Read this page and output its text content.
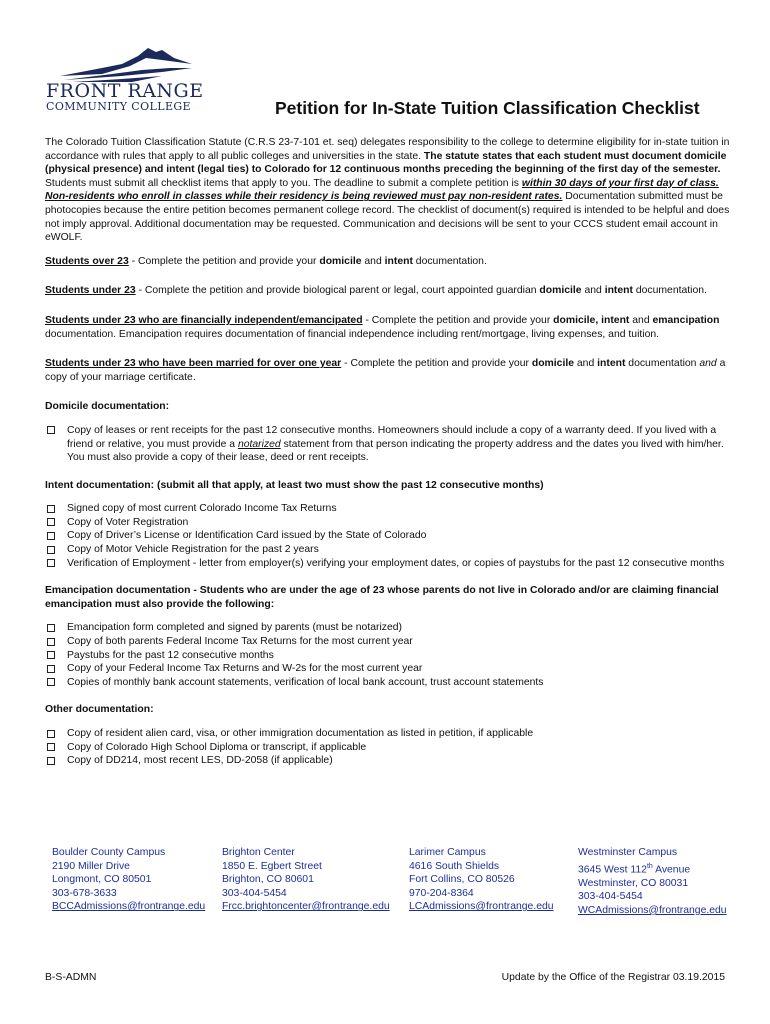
FRONT RANGE
COMMUNITY COLLEGE	Petition for In-State Tuition Classification Checklist

The Colorado Tuition Classification Statute (C.R.S 23-7-101 et. seq) delegates responsibility to the college to determine eligibility for in-state tuition in accordance with rules that apply to all public colleges and universities in the state. The statute states that each student must document domicile (physical presence) and intent (legal ties) to Colorado for 12 continuous months preceding the beginning of the first day of the semester. Students must submit all checklist items that apply to you. The deadline to submit a complete petition is within 30 days of your first day of class. Non-residents who enroll in classes while their residency is being reviewed must pay non-resident rates. Documentation submitted must be photocopies because the entire petition becomes permanent college record. The checklist of document(s) required is intended to be helpful and does not imply approval. Additional documentation may be requested. Communication and decisions will be sent to your CCCS student email account in eWOLF.

Students over 23 - Complete the petition and provide your domicile and intent documentation.

Students under 23 - Complete the petition and provide biological parent or legal, court appointed guardian domicile and intent documentation.

Students under 23 who are financially independent/emancipated - Complete the petition and provide your domicile, intent and emancipation documentation. Emancipation requires documentation of financial independence including rent/mortgage, living expenses, and tuition.

Students under 23 who have been married for over one year - Complete the petition and provide your domicile and intent documentation and a copy of your marriage certificate.

Domicile documentation:
Copy of leases or rent receipts for the past 12 consecutive months. Homeowners should include a copy of a warranty deed. If you lived with a friend or relative, you must provide a notarized statement from that person indicating the property address and the dates you lived with him/her. You must also provide a copy of their lease, deed or rent receipts.
Intent documentation: (submit all that apply, at least two must show the past 12 consecutive months)
Signed copy of most current Colorado Income Tax Returns
Copy of Voter Registration
Copy of Driver’s License or Identification Card issued by the State of Colorado
Copy of Motor Vehicle Registration for the past 2 years
Verification of Employment - letter from employer(s) verifying your employment dates, or copies of paystubs for the past 12 consecutive months
Emancipation documentation - Students who are under the age of 23 whose parents do not live in Colorado and/or are claiming financial emancipation must also provide the following:
Emancipation form completed and signed by parents (must be notarized)
Copy of both parents Federal Income Tax Returns for the most current year
Paystubs for the past 12 consecutive months
Copy of your Federal Income Tax Returns and W-2s for the most current year
Copies of monthly bank account statements, verification of local bank account, trust account statements
Other documentation:
Copy of resident alien card, visa, or other immigration documentation as listed in petition, if applicable
Copy of Colorado High School Diploma or transcript, if applicable
Copy of DD214, most recent LES, DD-2058 (if applicable)
Boulder County Campus
2190 Miller Drive
Longmont, CO 80501
303-678-3633
BCCAdmissions@frontrange.edu
Brighton Center
1850 E. Egbert Street
Brighton, CO 80601
303-404-5454
Frcc.brightoncenter@frontrange.edu
Larimer Campus
4616 South Shields
Fort Collins, CO 80526
970-204-8364
LCAdmissions@frontrange.edu
Westminster Campus
3645 West 112th Avenue
Westminster, CO 80031
303-404-5454
WCAdmissions@frontrange.edu
B-S-ADMN	Update by the Office of the Registrar 03.19.2015
